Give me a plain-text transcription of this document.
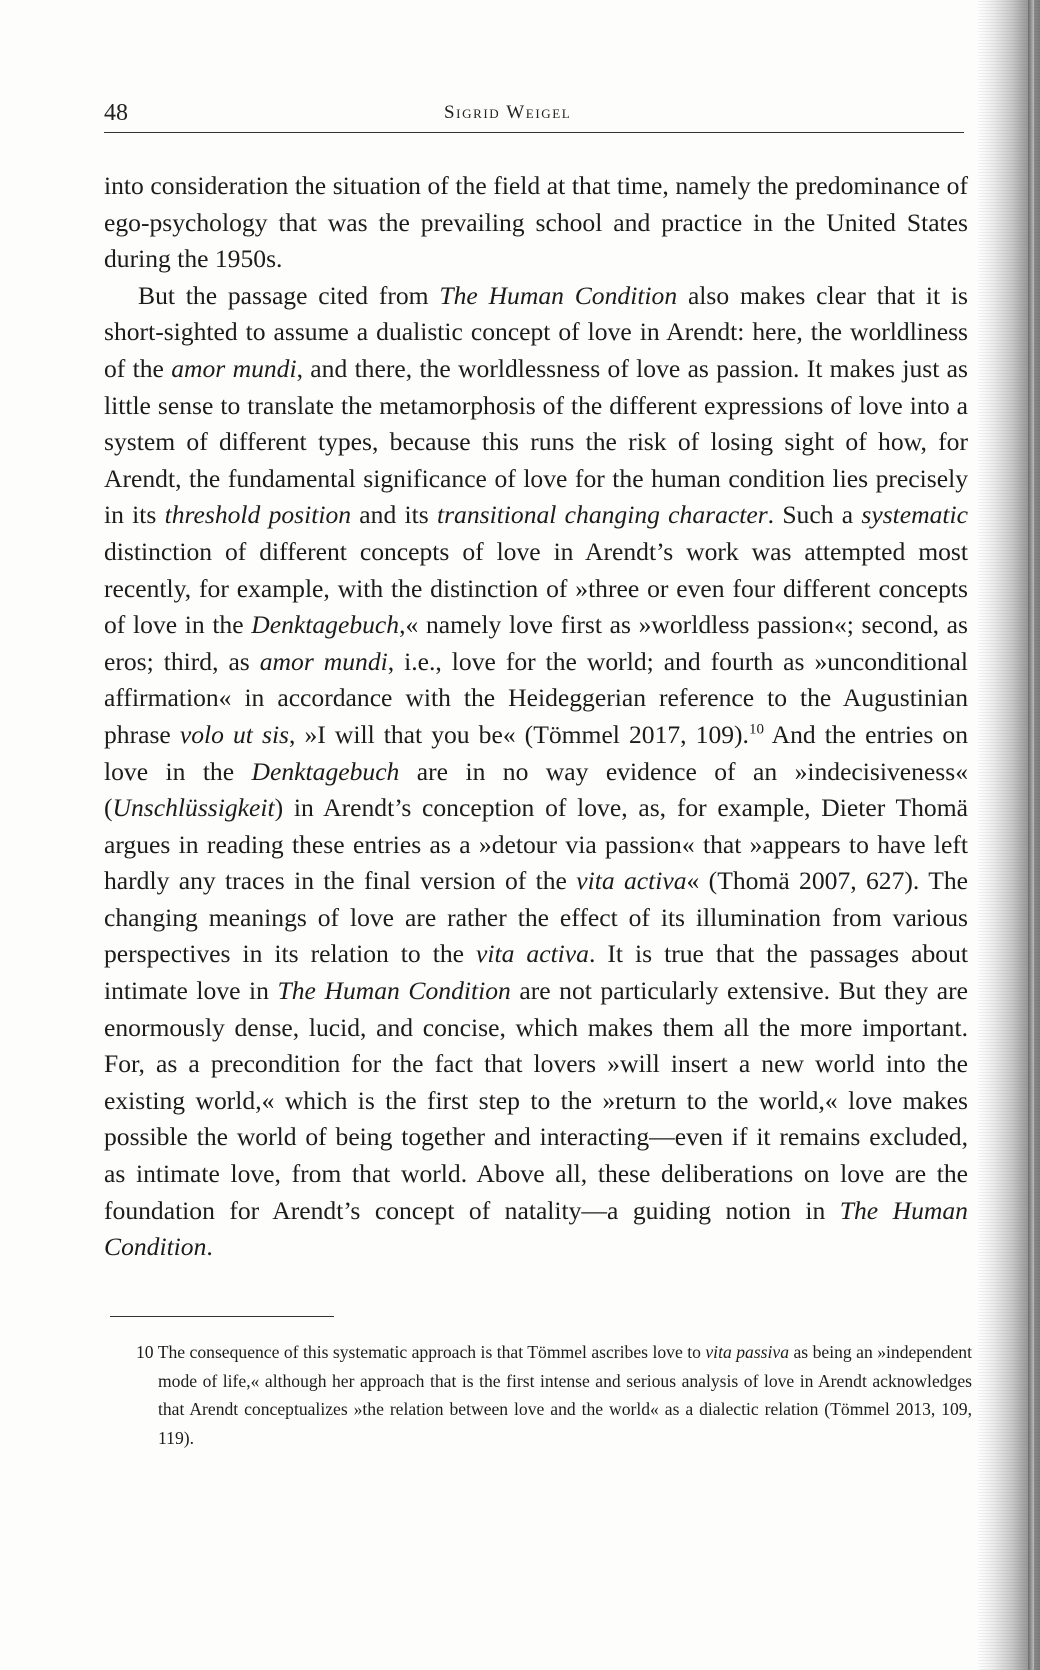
48	Sigrid Weigel

into consideration the situation of the field at that time, namely the predominance of ego-psychology that was the prevailing school and practice in the United States during the 1950s.

But the passage cited from The Human Condition also makes clear that it is short-sighted to assume a dualistic concept of love in Arendt: here, the worldliness of the amor mundi, and there, the worldlessness of love as passion. It makes just as little sense to translate the metamorphosis of the different expressions of love into a system of different types, because this runs the risk of losing sight of how, for Arendt, the fundamental significance of love for the human condition lies precisely in its threshold position and its transitional changing character. Such a systematic distinction of different concepts of love in Arendt’s work was attempted most recently, for example, with the distinction of »three or even four different concepts of love in the Denktagebuch,« namely love first as »worldless passion«; second, as eros; third, as amor mundi, i.e., love for the world; and fourth as »unconditional affirmation« in accordance with the Heideggerian reference to the Augustinian phrase volo ut sis, »I will that you be« (Tömmel 2017, 109).$^{10}$ And the entries on love in the Denktagebuch are in no way evidence of an »indecisiveness« (Unschlüssigkeit) in Arendt’s conception of love, as, for example, Dieter Thomä argues in reading these entries as a »detour via passion« that »appears to have left hardly any traces in the final version of the vita activa« (Thomä 2007, 627). The changing meanings of love are rather the effect of its illumination from various perspectives in its relation to the vita activa. It is true that the passages about intimate love in The Human Condition are not particularly extensive. But they are enormously dense, lucid, and concise, which makes them all the more important. For, as a precondition for the fact that lovers »will insert a new world into the existing world,« which is the first step to the »return to the world,« love makes possible the world of being together and interacting—even if it remains excluded, as intimate love, from that world. Above all, these deliberations on love are the foundation for Arendt’s concept of natality—a guiding notion in The Human Condition.

10 The consequence of this systematic approach is that Tömmel ascribes love to vita passiva as being an »independent mode of life,« although her approach that is the first intense and serious analysis of love in Arendt acknowledges that Arendt conceptualizes »the relation between love and the world« as a dialectic relation (Tömmel 2013, 109, 119).
